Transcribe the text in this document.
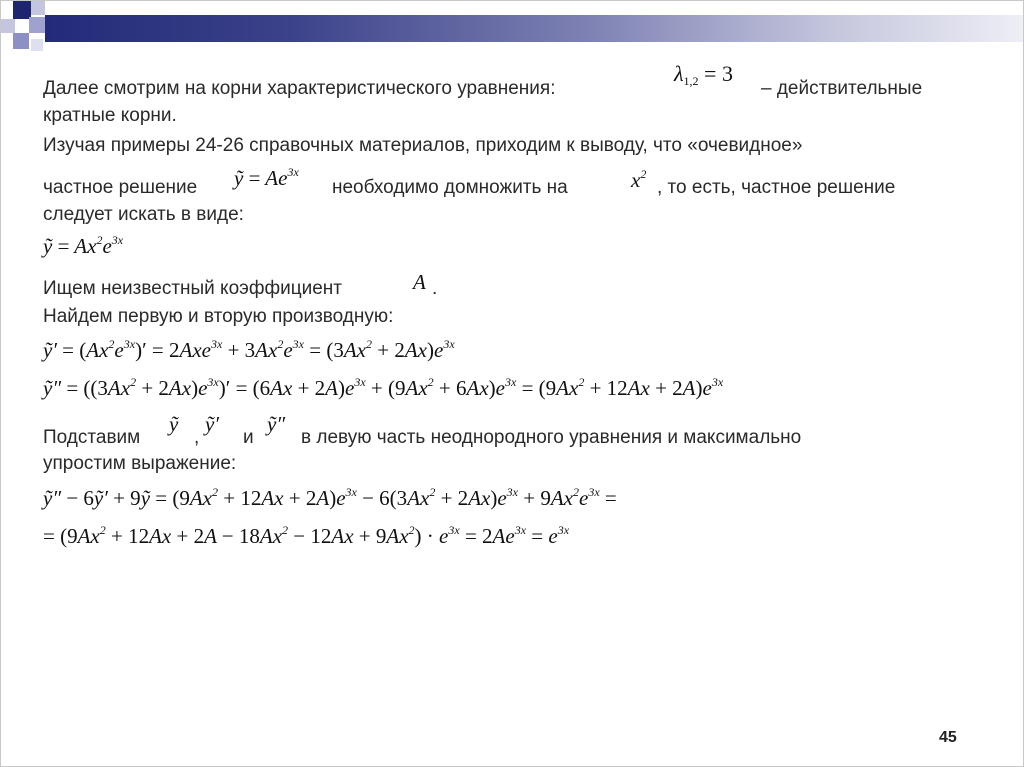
Далее смотрим на корни характеристического уравнения:
$\lambda_{1,2} = 3$
– действительные
кратные корни.
Изучая примеры 24-26 справочных материалов, приходим к выводу, что «очевидное»
частное решение ỹ = $Ae^{3x}$
необходимо домножить на	$x^2$
, то есть, частное решение
следует искать в виде:
ỹ = $Ax^2e^{3x}$
Ищем неизвестный коэффициент	A .
Найдем первую и вторую производную:
ỹ′ = $(Ax^2e^{3x})' = 2Axe^{3x} + 3Ax^2e^{3x} = (3Ax^2 + 2Ax)e^{3x}$
ỹ″ = $((3Ax^2 + 2Ax)e^{3x})' = (6Ax + 2A)e^{3x} + (9Ax^2 + 6Ax)e^{3x} = (9Ax^2 + 12Ax + 2A)e^{3x}$
Подставим
ỹ
,
ỹ′
и
ỹ″
в левую часть неоднородного уравнения и максимально
упростим выражение:
ỹ″ − 6ỹ′ + 9ỹ = $(9Ax^2 + 12Ax + 2A)e^{3x} - 6(3Ax^2 + 2Ax)e^{3x} + 9Ax^2e^{3x}$ =
= $(9Ax^2 + 12Ax + 2A - 18Ax^2 - 12Ax + 9Ax^2) \cdot e^{3x} = 2Ae^{3x} = e^{3x}$
45
